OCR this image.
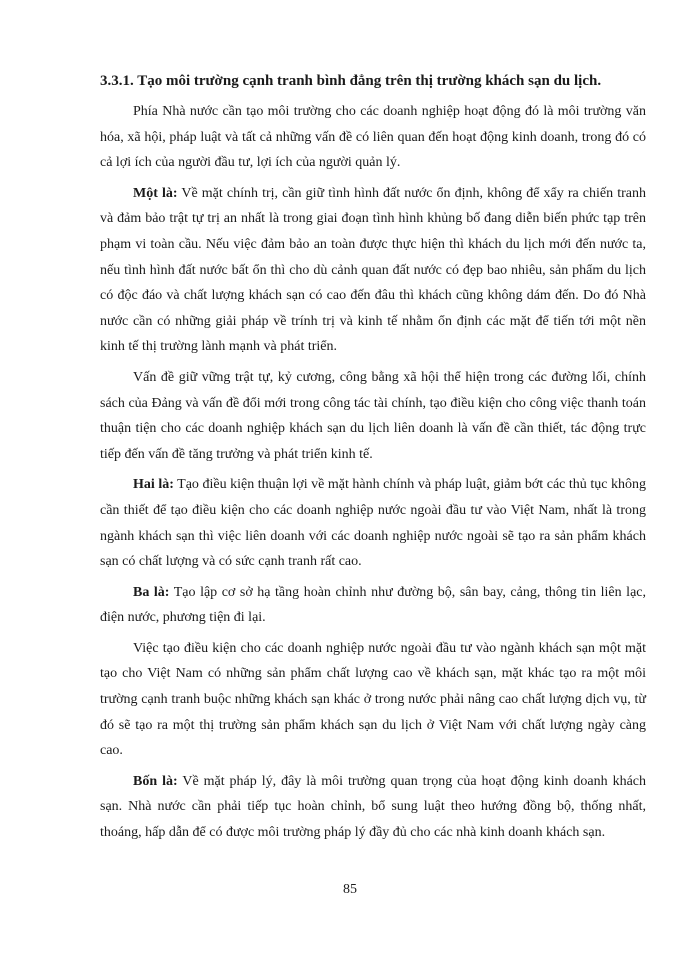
3.3.1. Tạo môi trường cạnh tranh bình đẳng trên thị trường khách sạn du lịch.

Phía Nhà nước cần tạo môi trường cho các doanh nghiệp hoạt động đó là môi trường văn hóa, xã hội, pháp luật và tất cả những vấn đề có liên quan đến hoạt động kinh doanh, trong đó có cả lợi ích của người đầu tư, lợi ích của người quản lý.

Một là: Về mặt chính trị, cần giữ tình hình đất nước ổn định, không để xẩy ra chiến tranh và đảm bảo trật tự trị an nhất là trong giai đoạn tình hình khủng bố đang diễn biến phức tạp trên phạm vi toàn cầu. Nếu việc đảm bảo an toàn được thực hiện thì khách du lịch mới đến nước ta, nếu tình hình đất nước bất ổn thì cho dù cảnh quan đất nước có đẹp bao nhiêu, sản phẩm du lịch có độc đáo và chất lượng khách sạn có cao đến đâu thì khách cũng không dám đến. Do đó Nhà nước cần có những giải pháp về trính trị và kinh tế nhằm ổn định các mặt để tiến tới một nền kinh tế thị trường lành mạnh và phát triển.

Vấn đề giữ vững trật tự, kỷ cương, công bằng xã hội thể hiện trong các đường lối, chính sách của Đảng và vấn đề đổi mới trong công tác tài chính, tạo điều kiện cho công việc thanh toán thuận tiện cho các doanh nghiệp khách sạn du lịch liên doanh là vấn đề cần thiết, tác động trực tiếp đến vấn đề tăng trưởng và phát triển kinh tế.

Hai là: Tạo điều kiện thuận lợi về mặt hành chính và pháp luật, giảm bớt các thủ tục không cần thiết để tạo điều kiện cho các doanh nghiệp nước ngoài đầu tư vào Việt Nam, nhất là trong ngành khách sạn thì việc liên doanh với các doanh nghiệp nước ngoài sẽ tạo ra sản phẩm khách sạn có chất lượng và có sức cạnh tranh rất cao.

Ba là: Tạo lập cơ sở hạ tầng hoàn chỉnh như đường bộ, sân bay, cảng, thông tin liên lạc, điện nước, phương tiện đi lại.

Việc tạo điều kiện cho các doanh nghiệp nước ngoài đầu tư vào ngành khách sạn một mặt tạo cho Việt Nam có những sản phẩm chất lượng cao về khách sạn, mặt khác tạo ra một môi trường cạnh tranh buộc những khách sạn khác ở trong nước phải nâng cao chất lượng dịch vụ, từ đó sẽ tạo ra một thị trường sản phẩm khách sạn du lịch ở Việt Nam với chất lượng ngày càng cao.

Bốn là: Về mặt pháp lý, đây là môi trường quan trọng của hoạt động kinh doanh khách sạn. Nhà nước cần phải tiếp tục hoàn chỉnh, bổ sung luật theo hướng đồng bộ, thống nhất, thoáng, hấp dẫn để có được môi trường pháp lý đầy đủ cho các nhà kinh doanh khách sạn.

85
